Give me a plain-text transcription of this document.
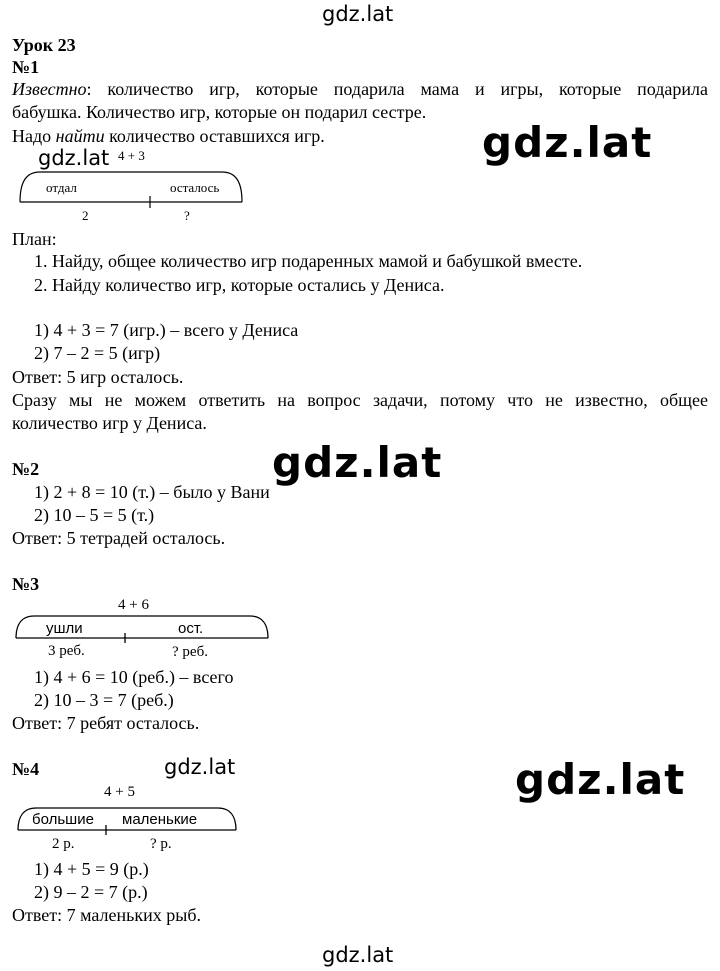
gdz.lat
gdz.lat	gdz.lat
gdz.lat
gdz.lat	gdz.lat
gdz.lat
Урок 23
№1
Известно: количество игр, которые подарила мама и игры, которые подарила
бабушка. Количество игр, которые он подарил сестре.
Надо найти количество оставшихся игр.
4 + 3
отдал	осталось
2	?
План:
1. Найду, общее количество игр подаренных мамой и бабушкой вместе.
2. Найду количество игр, которые остались у Дениса.
1) 4 + 3 = 7 (игр.) – всего у Дениса
2) 7 – 2 = 5 (игр)
Ответ: 5 игр осталось.
Сразу мы не можем ответить на вопрос задачи, потому что не известно, общее
количество игр у Дениса.
№2
1) 2 + 8 = 10 (т.) – было у Вани
2) 10 – 5 = 5 (т.)
Ответ: 5 тетрадей осталось.
№3
4 + 6
ушли	ост.
3 реб.	? реб.
1) 4 + 6 = 10 (реб.) – всего
2) 10 – 3 = 7 (реб.)
Ответ: 7 ребят осталось.
№4
4 + 5
большие маленькие
2 р.	? р.
1) 4 + 5 = 9 (р.)
2) 9 – 2 = 7 (р.)
Ответ: 7 маленьких рыб.
